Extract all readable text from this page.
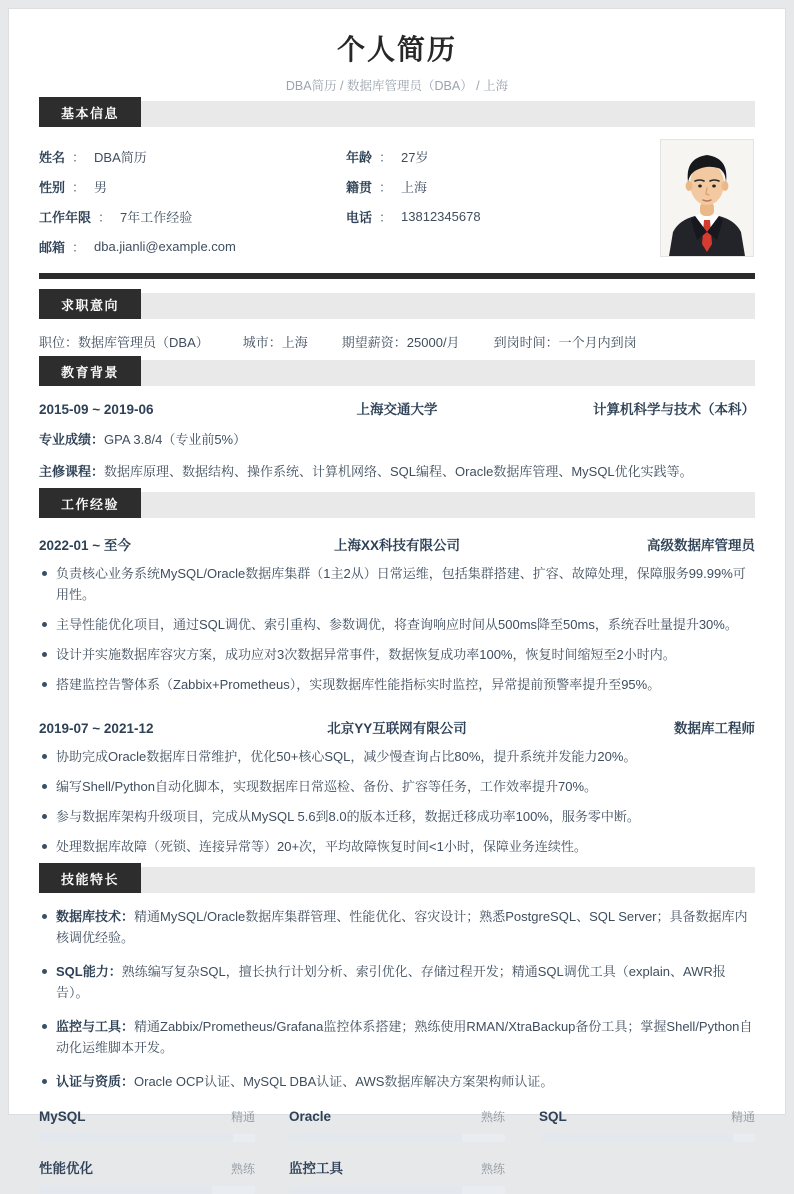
个人简历
DBA简历 / 数据库管理员（DBA） / 上海
基本信息
姓名 ： DBA简历
性别 ： 男
工作年限 ： 7年工作经验
邮箱 ： dba.jianli@example.com
年龄 ： 27岁
籍贯 ： 上海
电话 ： 13812345678
求职意向
职位：数据库管理员（DBA）	城市：上海	期望薪资：25000/月	到岗时间：一个月内到岗
教育背景
2015-09 ~ 2019-06	上海交通大学	计算机科学与技术（本科）
专业成绩：GPA 3.8/4（专业前5%）
主修课程：数据库原理、数据结构、操作系统、计算机网络、SQL编程、Oracle数据库管理、MySQL优化实践等。
工作经验
2022-01 ~ 至今	上海XX科技有限公司	高级数据库管理员
负责核心业务系统MySQL/Oracle数据库集群（1主2从）日常运维，包括集群搭建、扩容、故障处理，保障服务99.99%可用性。
主导性能优化项目，通过SQL调优、索引重构、参数调优，将查询响应时间从500ms降至50ms，系统吞吐量提升30%。
设计并实施数据库容灾方案，成功应对3次数据异常事件，数据恢复成功率100%，恢复时间缩短至2小时内。
搭建监控告警体系（Zabbix+Prometheus），实现数据库性能指标实时监控，异常提前预警率提升至95%。
2019-07 ~ 2021-12	北京YY互联网有限公司	数据库工程师
协助完成Oracle数据库日常维护，优化50+核心SQL，减少慢查询占比80%，提升系统并发能力20%。
编写Shell/Python自动化脚本，实现数据库日常巡检、备份、扩容等任务，工作效率提升70%。
参与数据库架构升级项目，完成从MySQL 5.6到8.0的版本迁移，数据迁移成功率100%，服务零中断。
处理数据库故障（死锁、连接异常等）20+次，平均故障恢复时间<1小时，保障业务连续性。
技能特长
数据库技术：精通MySQL/Oracle数据库集群管理、性能优化、容灾设计；熟悉PostgreSQL、SQL Server；具备数据库内核调优经验。
SQL能力：熟练编写复杂SQL，擅长执行计划分析、索引优化、存储过程开发；精通SQL调优工具（explain、AWR报告）。
监控与工具：精通Zabbix/Prometheus/Grafana监控体系搭建；熟练使用RMAN/XtraBackup备份工具；掌握Shell/Python自动化运维脚本开发。
认证与资质：Oracle OCP认证、MySQL DBA认证、AWS数据库解决方案架构师认证。
MySQL	精通	Oracle	熟练	SQL	精通
性能优化	熟练	监控工具	熟练
